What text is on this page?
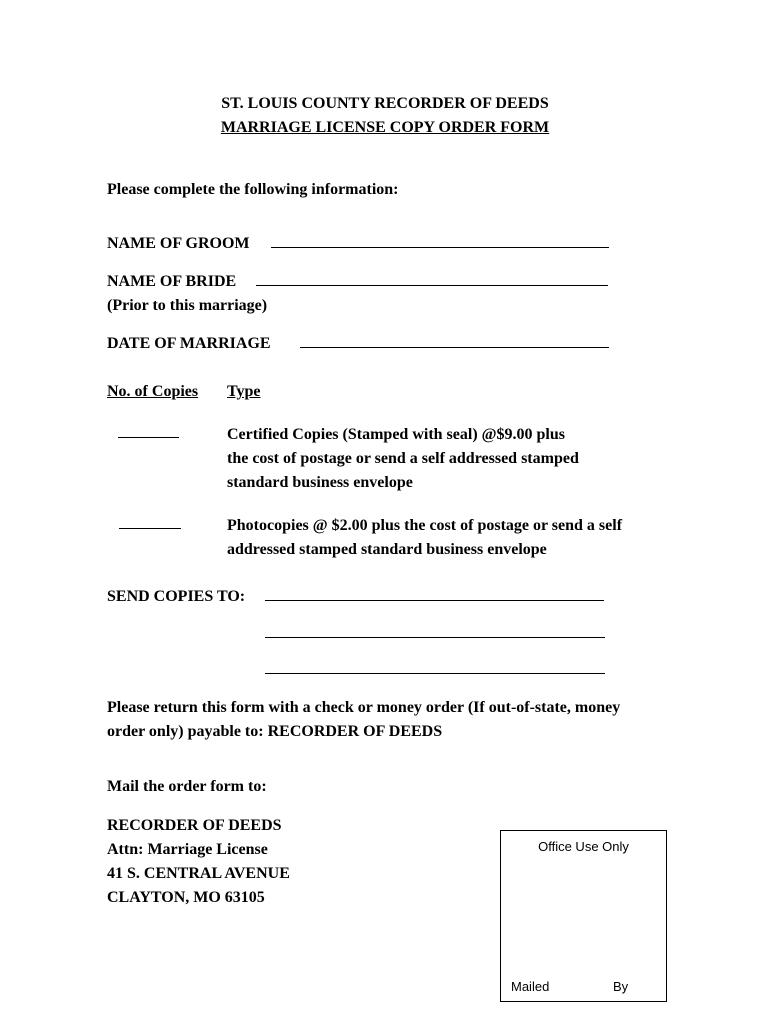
ST. LOUIS COUNTY RECORDER OF DEEDS
MARRIAGE LICENSE COPY ORDER FORM
Please complete the following information:
NAME OF GROOM
NAME OF BRIDE
(Prior to this marriage)
DATE OF MARRIAGE
No. of Copies Type
Certified Copies (Stamped with seal) @$9.00 plus
the cost of postage or send a self addressed stamped
standard business envelope
Photocopies @ $2.00 plus the cost of postage or send a self
addressed stamped standard business envelope
SEND COPIES TO:
Please return this form with a check or money order (If out-of-state, money
order only) payable to: RECORDER OF DEEDS
Mail the order form to:
RECORDER OF DEEDS
Attn: Marriage License
41 S. CENTRAL AVENUE
CLAYTON, MO 63105
Office Use Only
Mailed	By
